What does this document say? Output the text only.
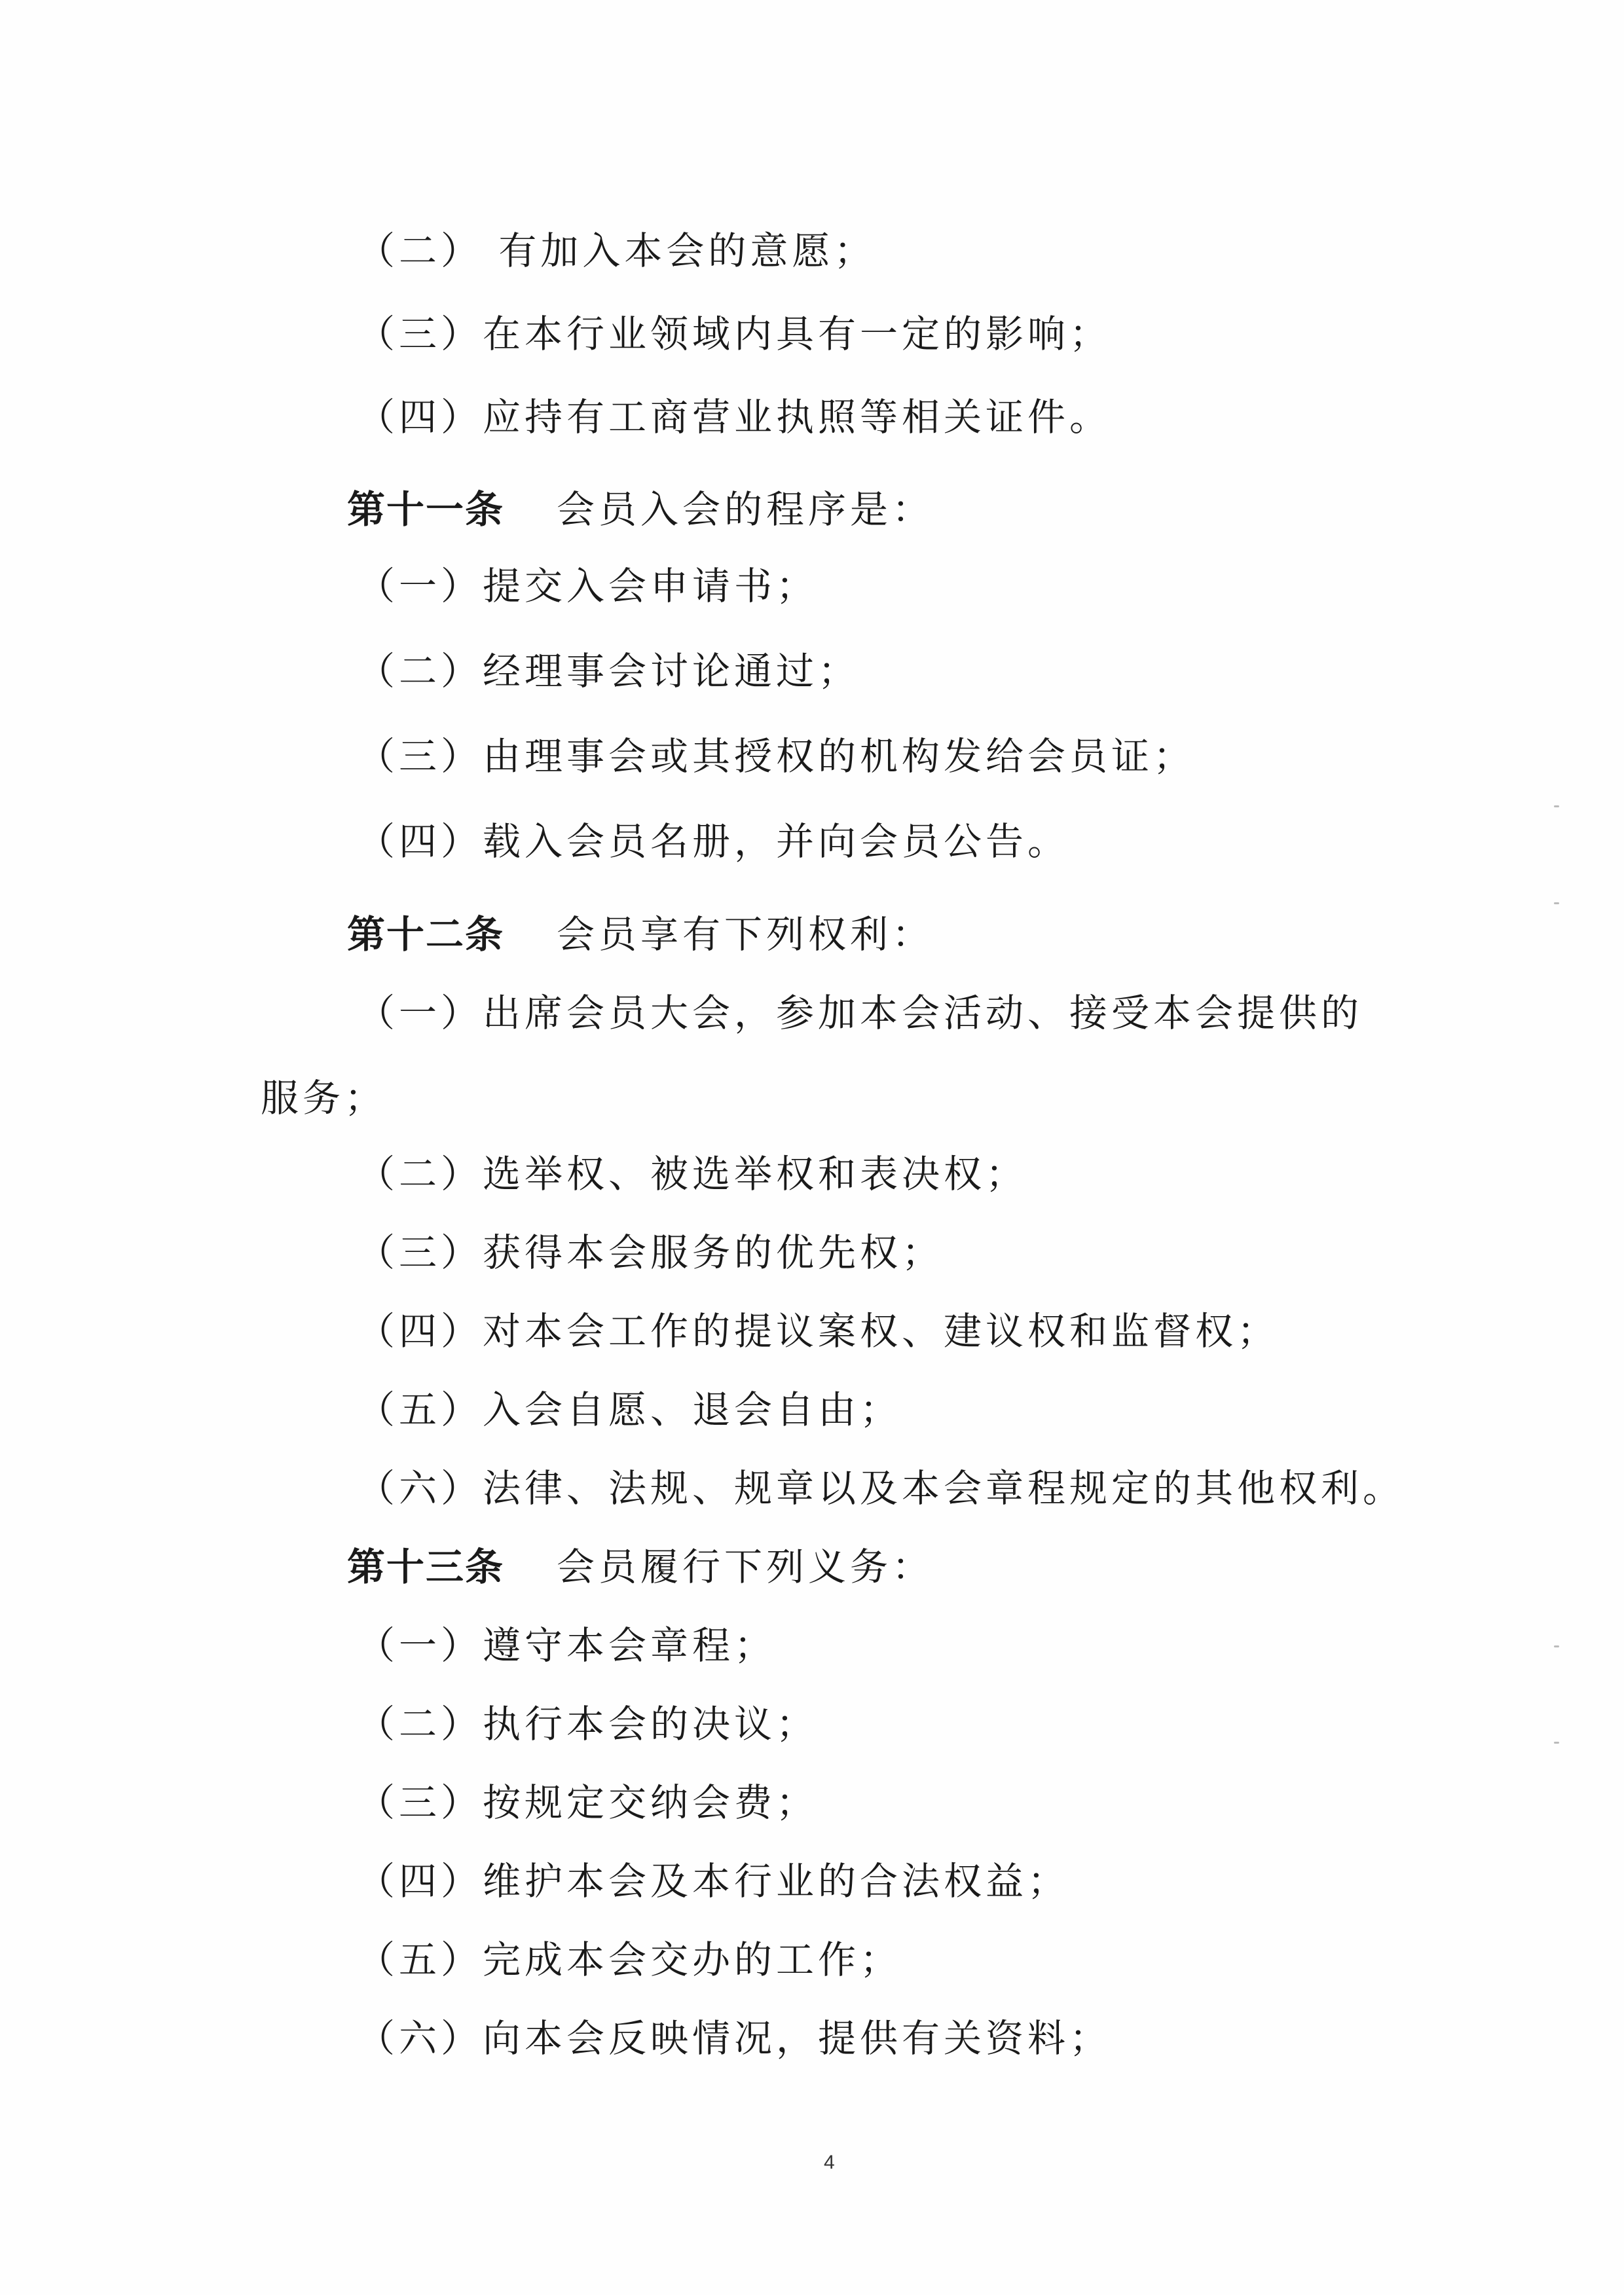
（二） 有加入本会的意愿；
（三）在本行业领域内具有一定的影响；
（四）应持有工商营业执照等相关证件。
第十一条 会员入会的程序是：
（一）提交入会申请书；
（二）经理事会讨论通过；
（三）由理事会或其授权的机构发给会员证；
（四）载入会员名册，并向会员公告。
第十二条 会员享有下列权利：
（一）出席会员大会，参加本会活动、接受本会提供的
服务；
（二）选举权、被选举权和表决权；
（三）获得本会服务的优先权；
（四）对本会工作的提议案权、建议权和监督权；
（五）入会自愿、退会自由；
（六）法律、法规、规章以及本会章程规定的其他权利。
第十三条 会员履行下列义务：
（一）遵守本会章程；
（二）执行本会的决议；
（三）按规定交纳会费；
（四）维护本会及本行业的合法权益；
（五）完成本会交办的工作；
（六）向本会反映情况，提供有关资料；
4
